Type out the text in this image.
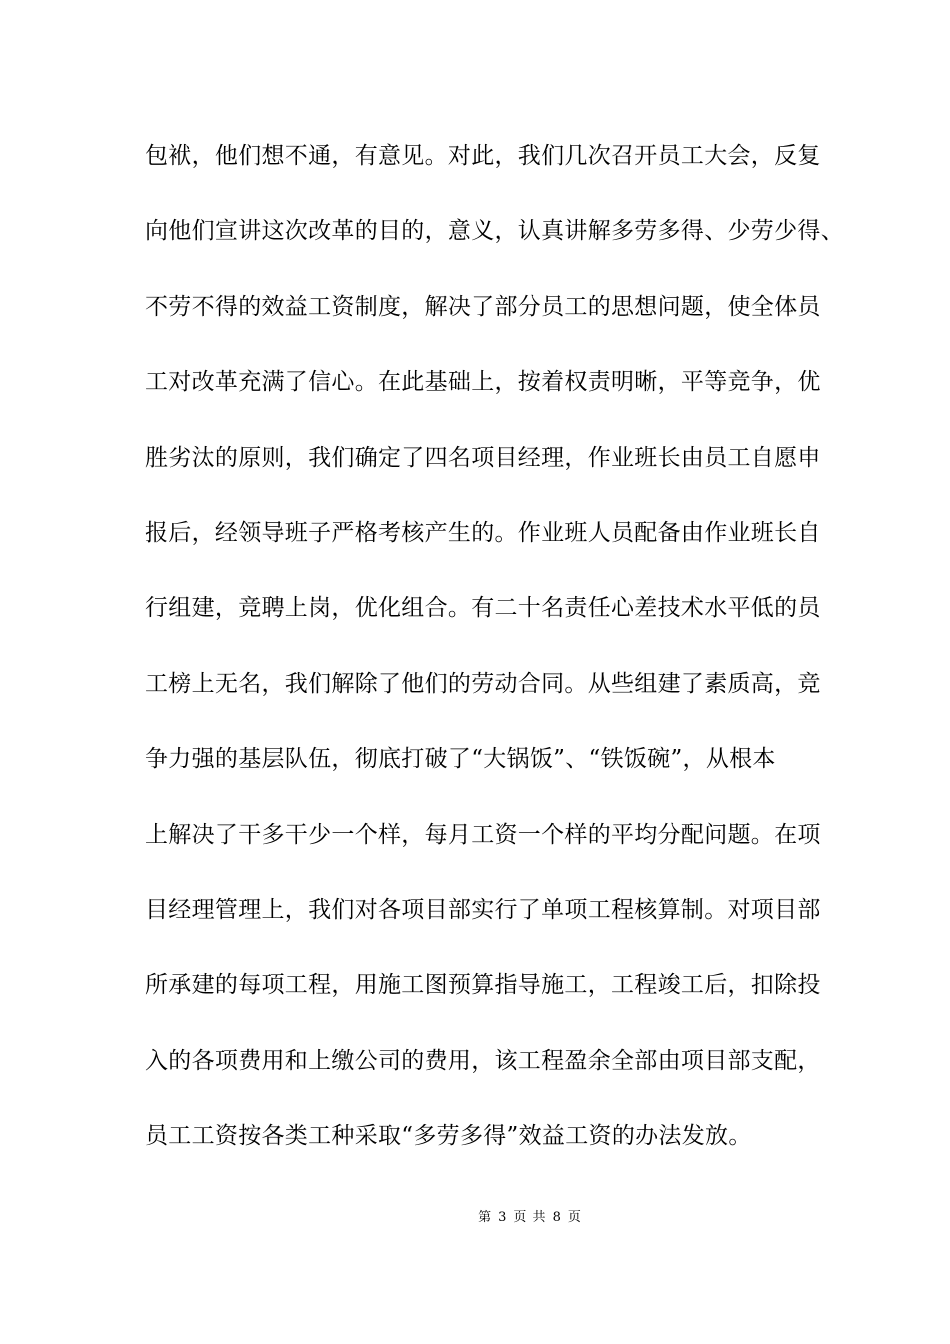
包袱，他们想不通，有意见。对此，我们几次召开员工大会，反复
向他们宣讲这次改革的目的，意义，认真讲解多劳多得、少劳少得、
不劳不得的效益工资制度，解决了部分员工的思想问题，使全体员
工对改革充满了信心。在此基础上，按着权责明晰，平等竞争，优
胜劣汰的原则，我们确定了四名项目经理，作业班长由员工自愿申
报后，经领导班子严格考核产生的。作业班人员配备由作业班长自
行组建，竞聘上岗，优化组合。有二十名责任心差技术水平低的员
工榜上无名，我们解除了他们的劳动合同。从些组建了素质高，竞
争力强的基层队伍，彻底打破了“大锅饭”、“铁饭碗”，从根本
上解决了干多干少一个样，每月工资一个样的平均分配问题。在项
目经理管理上，我们对各项目部实行了单项工程核算制。对项目部
所承建的每项工程，用施工图预算指导施工，工程竣工后，扣除投
入的各项费用和上缴公司的费用，该工程盈余全部由项目部支配，
员工工资按各类工种采取“多劳多得”效益工资的办法发放。
第 3 页 共 8 页
